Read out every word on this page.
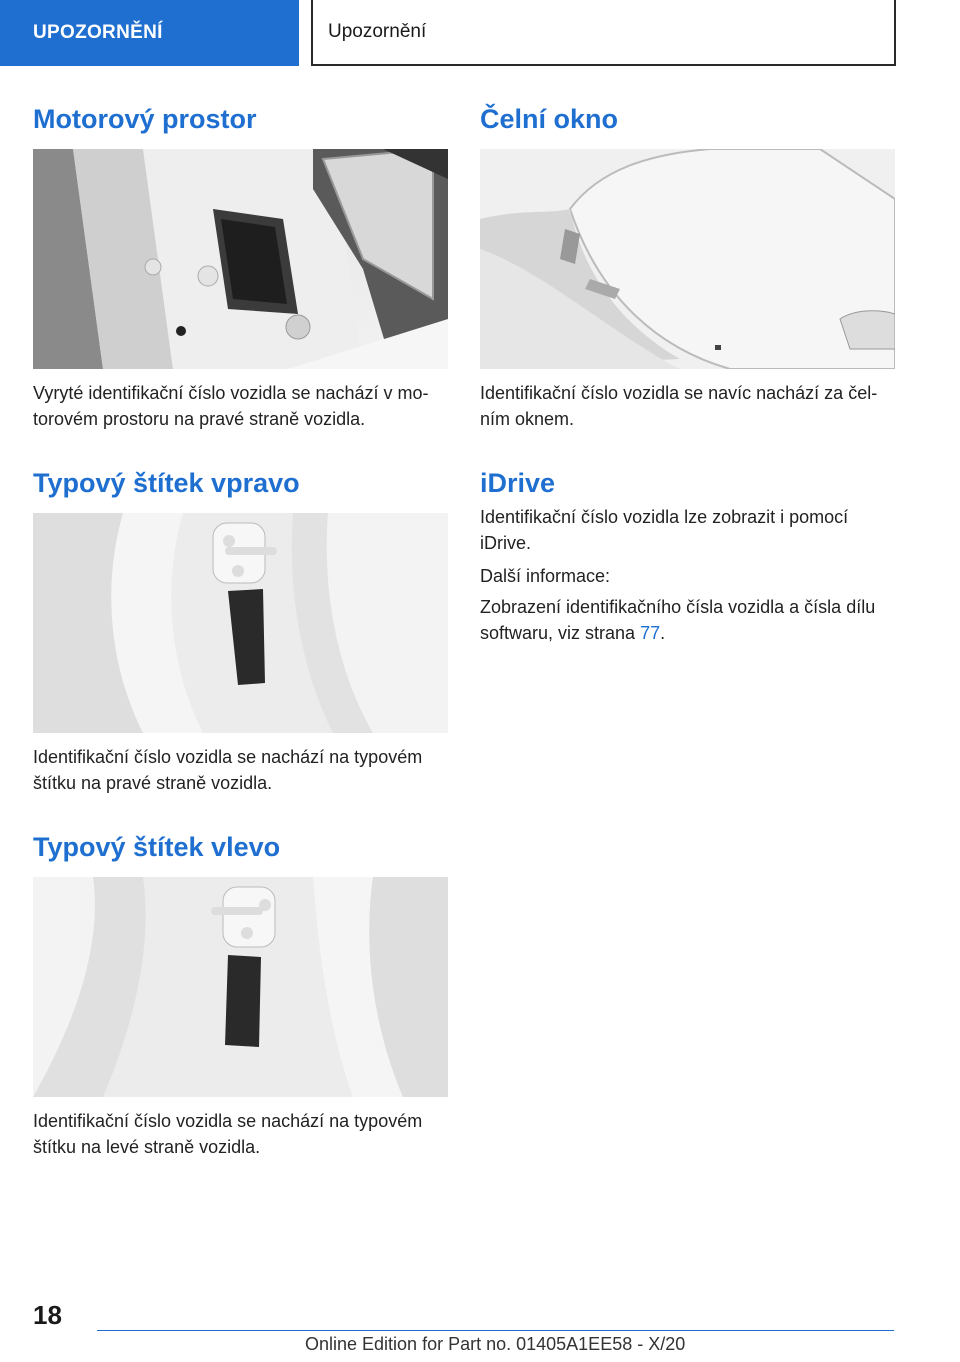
UPOZORNĚNÍ	Upozornění
Motorový prostor

Vyryté identifikační číslo vozidla se nachází v motorovém prostoru na pravé straně vozidla.

Typový štítek vpravo

Identifikační číslo vozidla se nachází na typovém štítku na pravé straně vozidla.

Typový štítek vlevo

Identifikační číslo vozidla se nachází na typovém štítku na levé straně vozidla.

Čelní okno

Identifikační číslo vozidla se navíc nachází za čelním oknem.

iDrive

Identifikační číslo vozidla lze zobrazit i pomocí iDrive.

Další informace:

Zobrazení identifikačního čísla vozidla a čísla dílu softwaru, viz strana 77.

18
Online Edition for Part no. 01405A1EE58 - X/20
